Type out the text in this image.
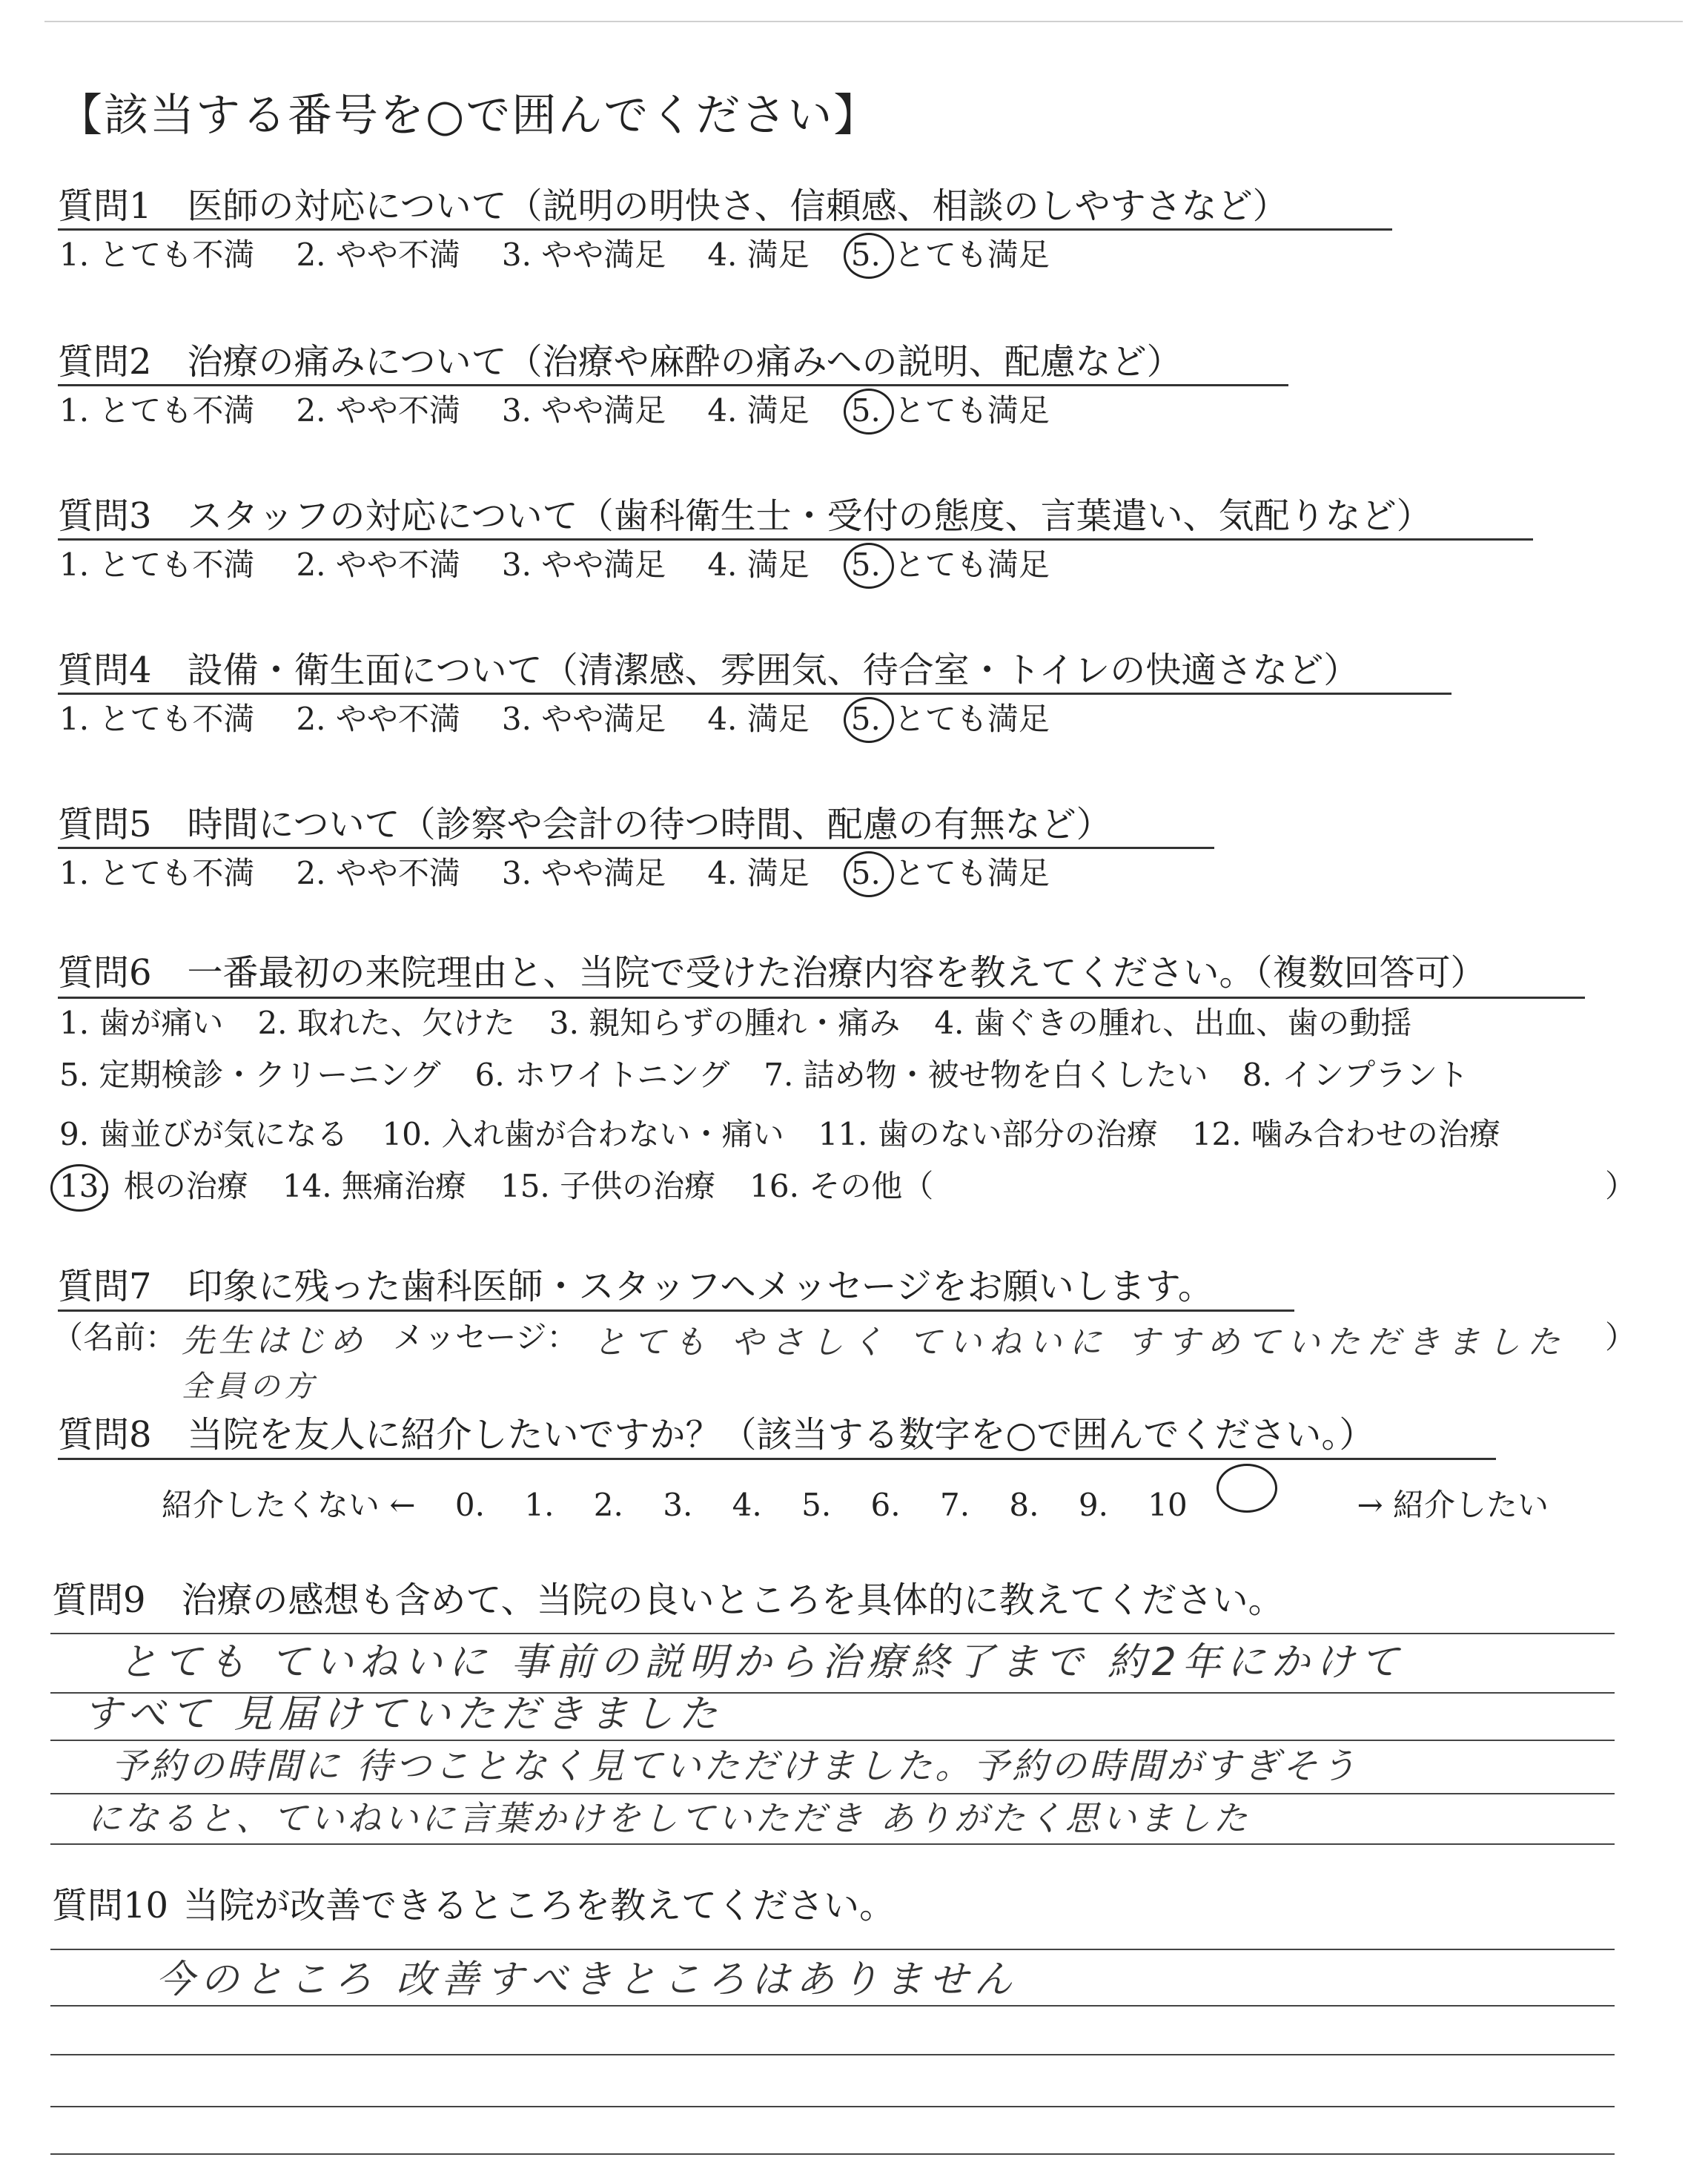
【該当する番号を○で囲んでください】
質問1 医師の対応について（説明の明快さ、信頼感、相談のしやすさなど）
1. とても不満 2. やや不満 3. やや満足 4. 満足 5. とても満足
質問2 治療の痛みについて（治療や麻酔の痛みへの説明、配慮など）
1. とても不満 2. やや不満 3. やや満足 4. 満足 5. とても満足
質問3 スタッフの対応について（歯科衛生士・受付の態度、言葉遣い、気配りなど）
1. とても不満 2. やや不満 3. やや満足 4. 満足 5. とても満足
質問4 設備・衛生面について（清潔感、雰囲気、待合室・トイレの快適さなど）
1. とても不満 2. やや不満 3. やや満足 4. 満足 5. とても満足
質問5 時間について（診察や会計の待つ時間、配慮の有無など）
1. とても不満 2. やや不満 3. やや満足 4. 満足 5. とても満足
質問6 一番最初の来院理由と、当院で受けた治療内容を教えてください。（複数回答可）
1. 歯が痛い 2. 取れた、欠けた 3. 親知らずの腫れ・痛み 4. 歯ぐきの腫れ、出血、歯の動揺
5. 定期検診・クリーニング 6. ホワイトニング 7. 詰め物・被せ物を白くしたい 8. インプラント
9. 歯並びが気になる 10. 入れ歯が合わない・痛い 11. 歯のない部分の治療 12. 噛み合わせの治療
13. 根の治療 14. 無痛治療 15. 子供の治療 16. その他（	）
質問7 印象に残った歯科医師・スタッフへメッセージをお願いします。
（名前： 先生はじめ
全員の方
メッセージ： とても やさしく ていねいに すすめていただきました ）
質問8 当院を友人に紹介したいですか？（該当する数字を○で囲んでください。）
紹介したくない ← 0. 1. 2. 3. 4. 5. 6. 7. 8. 9. 10	→ 紹介したい
質問9 治療の感想も含めて、当院の良いところを具体的に教えてください。
とても ていねいに 事前の説明から治療終了まで 約2年にかけて
すべて 見届けていただきました
予約の時間に 待つことなく見ていただけました。予約の時間がすぎそう
になると、ていねいに言葉かけをしていただき ありがたく思いました
質問10 当院が改善できるところを教えてください。
今のところ 改善すべきところはありません
